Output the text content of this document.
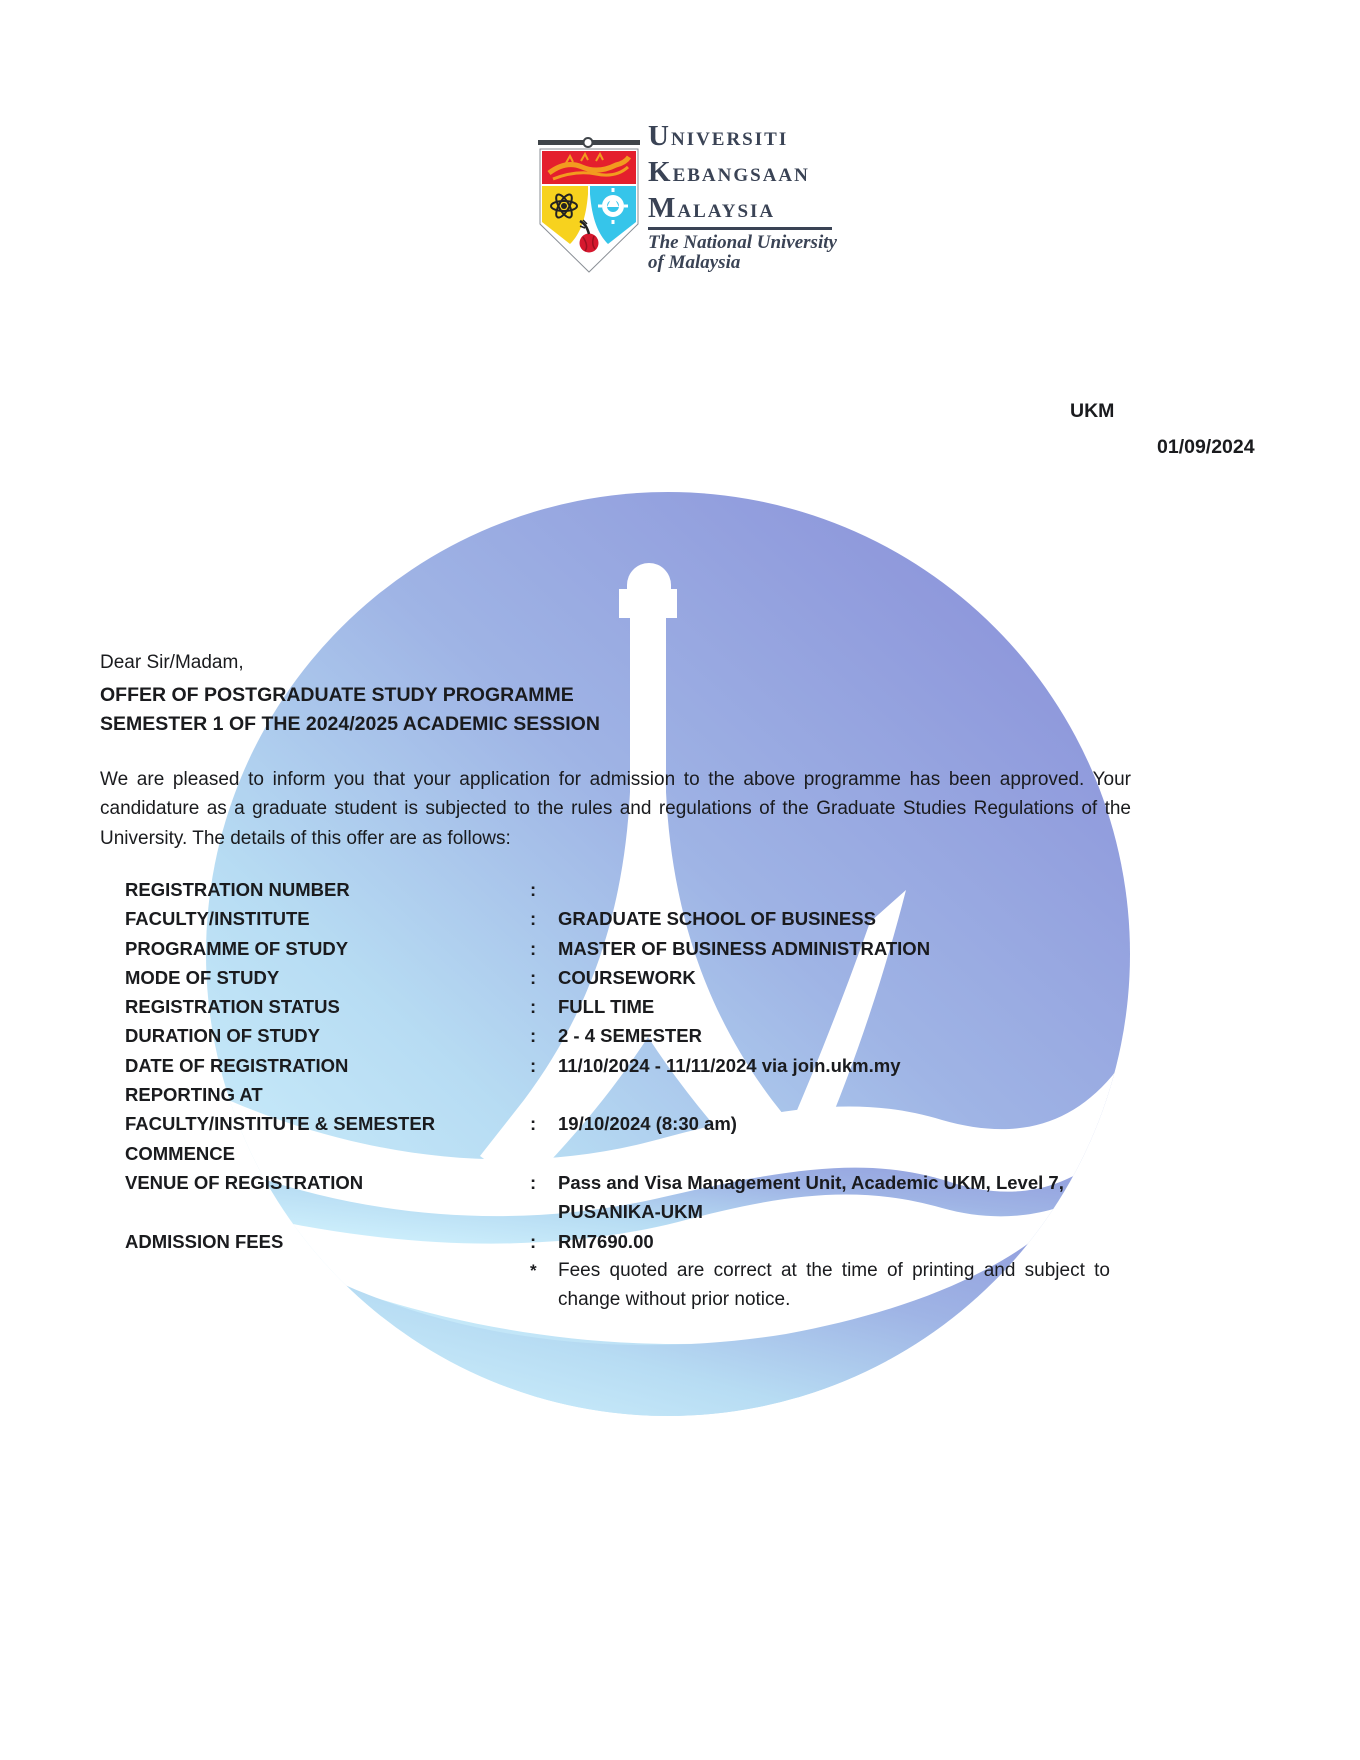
UNIVERSITI
KEBANGSAAN
MALAYSIA
The National University
of Malaysia
UKM
01/09/2024
Dear Sir/Madam,
OFFER OF POSTGRADUATE STUDY PROGRAMME
SEMESTER 1 OF THE 2024/2025 ACADEMIC SESSION
We are pleased to inform you that your application for admission to the above programme has been approved. Your candidature as a graduate student is subjected to the rules and regulations of the Graduate Studies Regulations of the University. The details of this offer are as follows:
REGISTRATION NUMBER	:
FACULTY/INSTITUTE	:	GRADUATE SCHOOL OF BUSINESS
PROGRAMME OF STUDY	:	MASTER OF BUSINESS ADMINISTRATION
MODE OF STUDY	:	COURSEWORK
REGISTRATION STATUS	:	FULL TIME
DURATION OF STUDY	:	2 - 4 SEMESTER
DATE OF REGISTRATION	:	11/10/2024 - 11/11/2024 via join.ukm.my
REPORTING AT
FACULTY/INSTITUTE & SEMESTER	:	19/10/2024 (8:30 am)
COMMENCE
VENUE OF REGISTRATION	:	Pass and Visa Management Unit, Academic UKM, Level 7,
PUSANIKA-UKM
ADMISSION FEES	:	RM7690.00
*	Fees quoted are correct at the time of printing and subject to change without prior notice.
